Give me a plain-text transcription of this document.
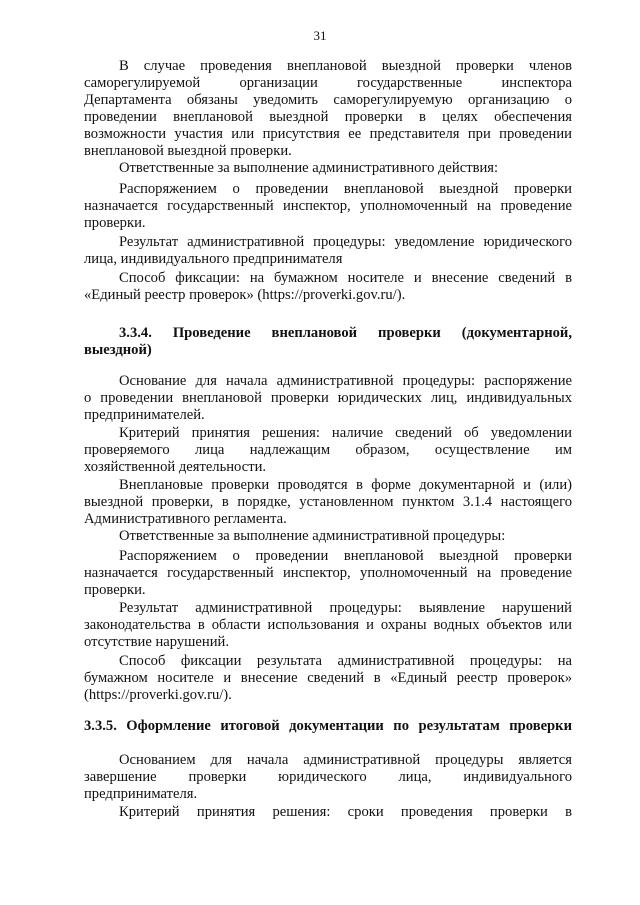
31
В случае проведения внеплановой выездной проверки членов
саморегулируемой организации государственные инспектора
Департамента обязаны уведомить саморегулируемую организацию о
проведении внеплановой выездной проверки в целях обеспечения
возможности участия или присутствия ее представителя при проведении
внеплановой выездной проверки.
Ответственные за выполнение административного действия:
Распоряжением о проведении внеплановой выездной проверки
назначается государственный инспектор, уполномоченный на проведение
проверки.
Результат административной процедуры: уведомление юридического
лица, индивидуального предпринимателя
Способ фиксации: на бумажном носителе и внесение сведений в
«Единый реестр проверок» (https://proverki.gov.ru/).
3.3.4. Проведение внеплановой проверки (документарной,
выездной)
Основание для начала административной процедуры: распоряжение
о проведении внеплановой проверки юридических лиц, индивидуальных
предпринимателей.
Критерий принятия решения: наличие сведений об уведомлении
проверяемого лица надлежащим образом, осуществление им
хозяйственной деятельности.
Внеплановые проверки проводятся в форме документарной и (или)
выездной проверки, в порядке, установленном пунктом 3.1.4 настоящего
Административного регламента.
Ответственные за выполнение административной процедуры:
Распоряжением о проведении внеплановой выездной проверки
назначается государственный инспектор, уполномоченный на проведение
проверки.
Результат административной процедуры: выявление нарушений
законодательства в области использования и охраны водных объектов или
отсутствие нарушений.
Способ фиксации результата административной процедуры: на
бумажном носителе и внесение сведений в «Единый реестр проверок»
(https://proverki.gov.ru/).
3.3.5. Оформление итоговой документации по результатам проверки
Основанием для начала административной процедуры является
завершение проверки юридического лица, индивидуального
предпринимателя.
Критерий принятия решения: сроки проведения проверки в
